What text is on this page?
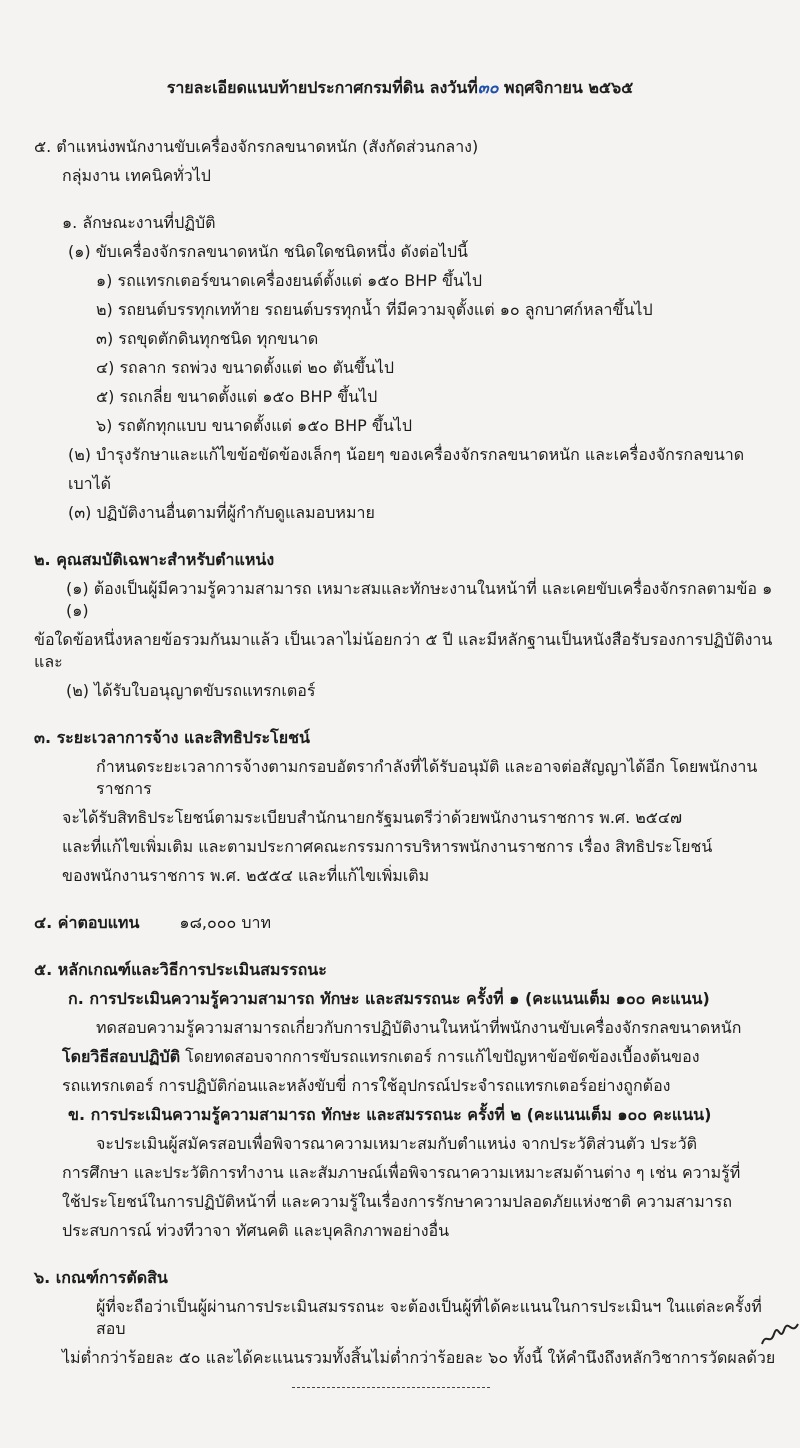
รายละเอียดแนบท้ายประกาศกรมที่ดิน ลงวันที่๓๐ พฤศจิกายน ๒๕๖๕
๕. ตำแหน่งพนักงานขับเครื่องจักรกลขนาดหนัก (สังกัดส่วนกลาง)
กลุ่มงาน เทคนิคทั่วไป
๑. ลักษณะงานที่ปฏิบัติ
(๑) ขับเครื่องจักรกลขนาดหนัก ชนิดใดชนิดหนึ่ง ดังต่อไปนี้
๑) รถแทรกเตอร์ขนาดเครื่องยนต์ตั้งแต่ ๑๕๐ BHP ขึ้นไป
๒) รถยนต์บรรทุกเทท้าย รถยนต์บรรทุกน้ำ ที่มีความจุตั้งแต่ ๑๐ ลูกบาศก์หลาขึ้นไป
๓) รถขุดตักดินทุกชนิด ทุกขนาด
๔) รถลาก รถพ่วง ขนาดตั้งแต่ ๒๐ ตันขึ้นไป
๕) รถเกลี่ย ขนาดตั้งแต่ ๑๕๐ BHP ขึ้นไป
๖) รถตักทุกแบบ ขนาดตั้งแต่ ๑๕๐ BHP ขึ้นไป
(๒) บำรุงรักษาและแก้ไขข้อขัดข้องเล็กๆ น้อยๆ ของเครื่องจักรกลขนาดหนัก และเครื่องจักรกลขนาด
เบาได้
(๓) ปฏิบัติงานอื่นตามที่ผู้กำกับดูแลมอบหมาย
๒. คุณสมบัติเฉพาะสำหรับตำแหน่ง
(๑) ต้องเป็นผู้มีความรู้ความสามารถ เหมาะสมและทักษะงานในหน้าที่ และเคยขับเครื่องจักรกลตามข้อ ๑ (๑)
ข้อใดข้อหนึ่งหลายข้อรวมกันมาแล้ว เป็นเวลาไม่น้อยกว่า ๕ ปี และมีหลักฐานเป็นหนังสือรับรองการปฏิบัติงาน และ
(๒) ได้รับใบอนุญาตขับรถแทรกเตอร์
๓. ระยะเวลาการจ้าง และสิทธิประโยชน์
กำหนดระยะเวลาการจ้างตามกรอบอัตรากำลังที่ได้รับอนุมัติ และอาจต่อสัญญาได้อีก โดยพนักงานราชการ
จะได้รับสิทธิประโยชน์ตามระเบียบสำนักนายกรัฐมนตรีว่าด้วยพนักงานราชการ พ.ศ. ๒๕๔๗
และที่แก้ไขเพิ่มเติม และตามประกาศคณะกรรมการบริหารพนักงานราชการ เรื่อง สิทธิประโยชน์
ของพนักงานราชการ พ.ศ. ๒๕๕๔ และที่แก้ไขเพิ่มเติม
๔. ค่าตอบแทน	๑๘,๐๐๐ บาท
๕. หลักเกณฑ์และวิธีการประเมินสมรรถนะ
ก. การประเมินความรู้ความสามารถ ทักษะ และสมรรถนะ ครั้งที่ ๑ (คะแนนเต็ม ๑๐๐ คะแนน)
ทดสอบความรู้ความสามารถเกี่ยวกับการปฏิบัติงานในหน้าที่พนักงานขับเครื่องจักรกลขนาดหนัก
โดยวิธีสอบปฏิบัติ โดยทดสอบจากการขับรถแทรกเตอร์ การแก้ไขปัญหาข้อขัดข้องเบื้องต้นของ
รถแทรกเตอร์ การปฏิบัติก่อนและหลังขับขี่ การใช้อุปกรณ์ประจำรถแทรกเตอร์อย่างถูกต้อง
ข. การประเมินความรู้ความสามารถ ทักษะ และสมรรถนะ ครั้งที่ ๒ (คะแนนเต็ม ๑๐๐ คะแนน)
จะประเมินผู้สมัครสอบเพื่อพิจารณาความเหมาะสมกับตำแหน่ง จากประวัติส่วนตัว ประวัติ
การศึกษา และประวัติการทำงาน และสัมภาษณ์เพื่อพิจารณาความเหมาะสมด้านต่าง ๆ เช่น ความรู้ที่
ใช้ประโยชน์ในการปฏิบัติหน้าที่ และความรู้ในเรื่องการรักษาความปลอดภัยแห่งชาติ ความสามารถ
ประสบการณ์ ท่วงทีวาจา ทัศนคติ และบุคลิกภาพอย่างอื่น
๖. เกณฑ์การตัดสิน
ผู้ที่จะถือว่าเป็นผู้ผ่านการประเมินสมรรถนะ จะต้องเป็นผู้ที่ได้คะแนนในการประเมินฯ ในแต่ละครั้งที่สอบ
ไม่ต่ำกว่าร้อยละ ๕๐ และได้คะแนนรวมทั้งสิ้นไม่ต่ำกว่าร้อยละ ๖๐ ทั้งนี้ ให้คำนึงถึงหลักวิชาการวัดผลด้วย
